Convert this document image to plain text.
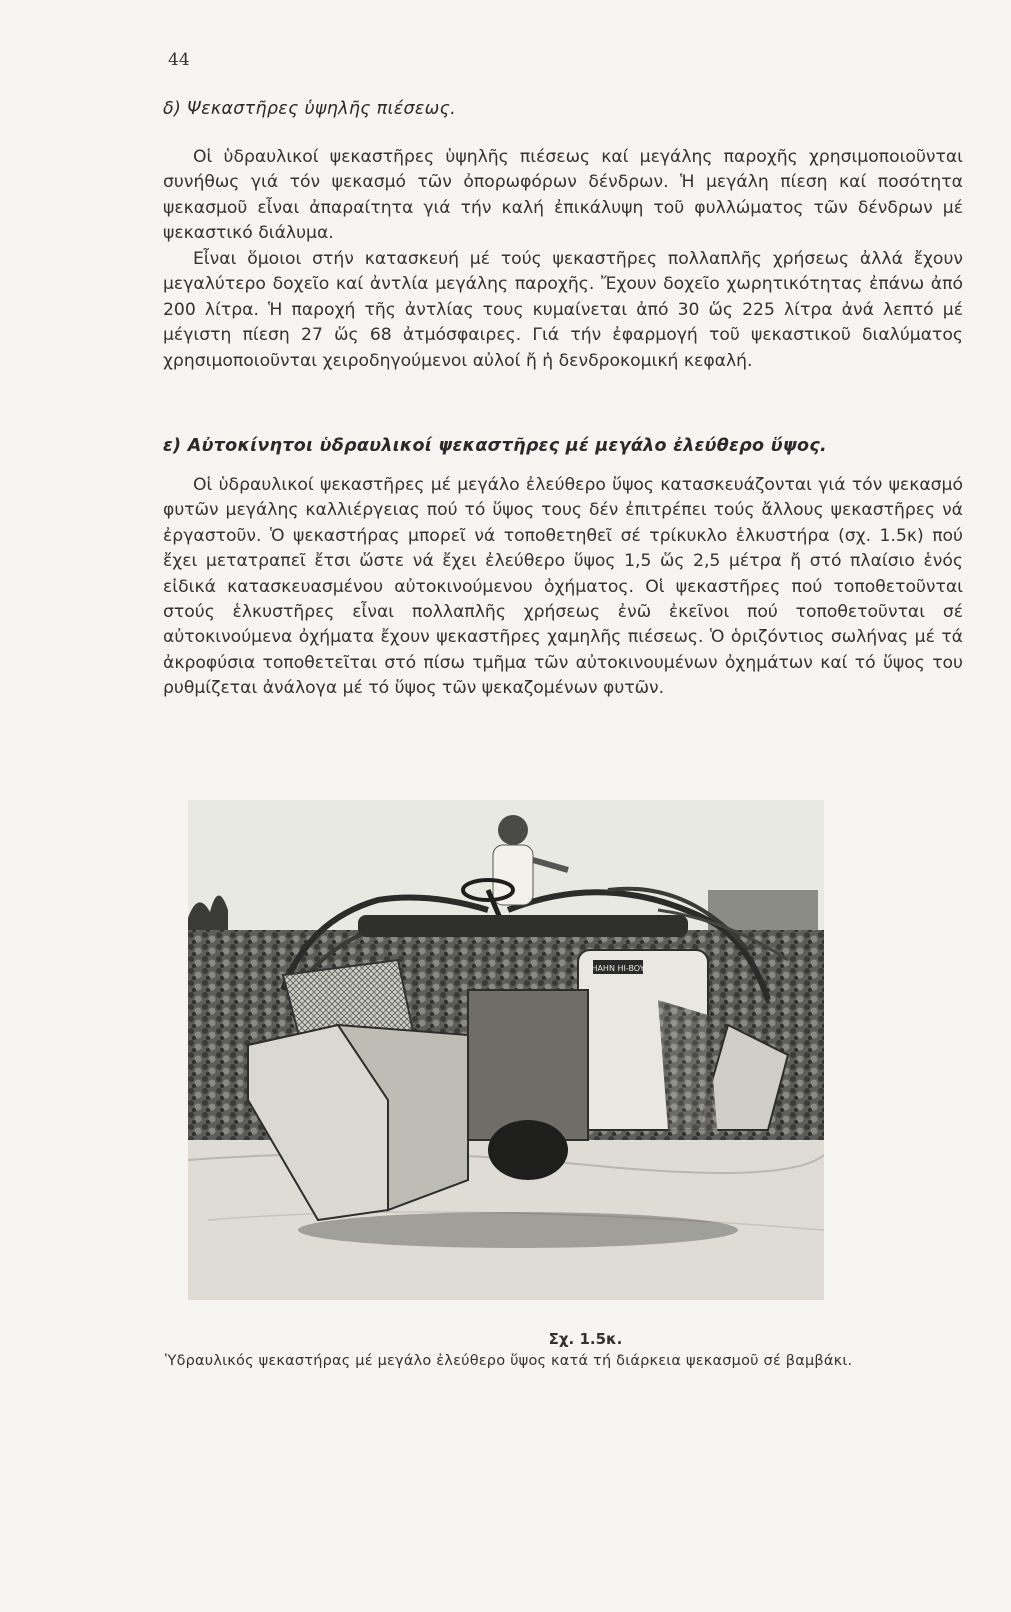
44
δ) Ψεκαστῆρες ὑψηλῆς πιέσεως.

Οἱ ὑδραυλικοί ψεκαστῆρες ὑψηλῆς πιέσεως καί μεγάλης παροχῆς χρησιμοποιοῦνται συνήθως γιά τόν ψεκασμό τῶν ὀπορωφόρων δένδρων. Ἡ μεγάλη πίεση καί ποσότητα ψεκασμοῦ εἶναι ἀπαραίτητα γιά τήν καλή ἐπικάλυψη τοῦ φυλλώματος τῶν δένδρων μέ ψεκαστικό διάλυμα.

Εἶναι ὅμοιοι στήν κατασκευή μέ τούς ψεκαστῆρες πολλαπλῆς χρήσεως ἀλλά ἔχουν μεγαλύτερο δοχεῖο καί ἀντλία μεγάλης παροχῆς. Ἔχουν δοχεῖο χωρητικότητας ἐπάνω ἀπό 200 λίτρα. Ἡ παροχή τῆς ἀντλίας τους κυμαίνεται ἀπό 30 ὥς 225 λίτρα ἀνά λεπτό μέ μέγιστη πίεση 27 ὥς 68 ἀτμόσφαιρες. Γιά τήν ἐφαρμογή τοῦ ψεκαστικοῦ διαλύματος χρησιμοποιοῦνται χειροδηγούμενοι αὐλοί ἤ ἡ δενδροκομική κεφαλή.

ε) Αὐτοκίνητοι ὑδραυλικοί ψεκαστῆρες μέ μεγάλο ἐλεύθερο ὕψος.

Οἱ ὑδραυλικοί ψεκαστῆρες μέ μεγάλο ἐλεύθερο ὕψος κατασκευάζονται γιά τόν ψεκασμό φυτῶν μεγάλης καλλιέργειας πού τό ὕψος τους δέν ἐπιτρέπει τούς ἄλλους ψεκαστῆρες νά ἐργαστοῦν. Ὁ ψεκαστήρας μπορεῖ νά τοποθετηθεῖ σέ τρίκυκλο ἑλκυστήρα (σχ. 1.5κ) πού ἔχει μετατραπεῖ ἔτσι ὥστε νά ἔχει ἐλεύθερο ὕψος 1,5 ὥς 2,5 μέτρα ἤ στό πλαίσιο ἑνός εἰδικά κατασκευασμένου αὐτοκινούμενου ὀχήματος. Οἱ ψεκαστῆρες πού τοποθετοῦνται στούς ἑλκυστῆρες εἶναι πολλαπλῆς χρήσεως ἐνῶ ἐκεῖνοι πού τοποθετοῦνται σέ αὐτοκινούμενα ὀχήματα ἔχουν ψεκαστῆρες χαμηλῆς πιέσεως. Ὁ ὁριζόντιος σωλήνας μέ τά ἀκροφύσια τοποθετεῖται στό πίσω τμῆμα τῶν αὐτοκινουμένων ὀχημάτων καί τό ὕψος του ρυθμίζεται ἀνάλογα μέ τό ὕψος τῶν ψεκαζομένων φυτῶν.

HAHN HI-BOY
Σχ. 1.5κ.
Ὑδραυλικός ψεκαστήρας μέ μεγάλο ἐλεύθερο ὕψος κατά τή διάρκεια ψεκασμοῦ σέ βαμβάκι.
